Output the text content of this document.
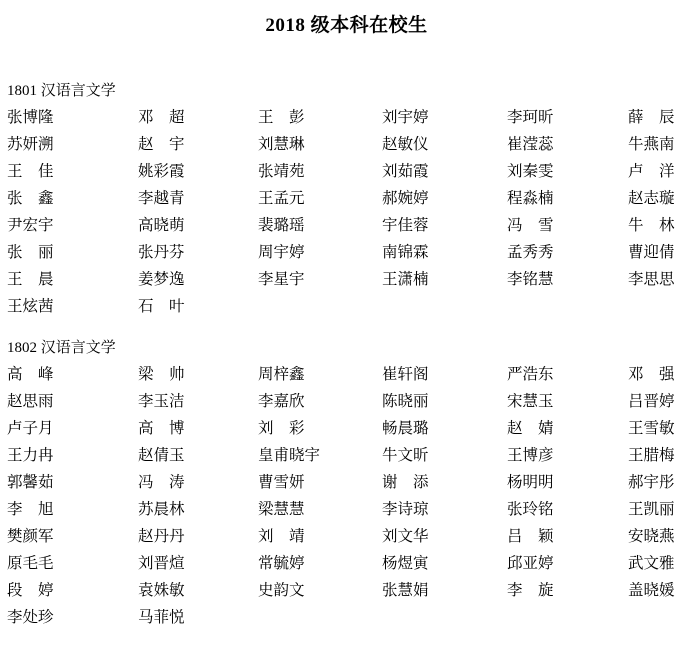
2018 级本科在校生
1801 汉语言文学
张博隆	邓　超	王　彭	刘宇婷	李珂昕	薛　辰
苏妍溯	赵　宇	刘慧琳	赵敏仪	崔滢蕊	牛燕南
王　佳	姚彩霞	张靖苑	刘茹霞	刘秦雯	卢　洋
张　鑫	李越青	王孟元	郝婉婷	程淼楠	赵志璇
尹宏宇	高晓萌	裴璐瑶	宇佳蓉	冯　雪	牛　林
张　丽	张丹芬	周宇婷	南锦霖	孟秀秀	曹迎倩
王　晨	姜梦逸	李星宇	王潇楠	李铭慧	李思思
王炫茜	石　叶
1802 汉语言文学
高　峰	梁　帅	周梓鑫	崔轩阁	严浩东	邓　强
赵思雨	李玉洁	李嘉欣	陈晓丽	宋慧玉	吕晋婷
卢子月	高　博	刘　彩	畅晨璐	赵　婧	王雪敏
王力冉	赵倩玉	皇甫晓宇	牛文昕	王博彦	王腊梅
郭馨茹	冯　涛	曹雪妍	谢　添	杨明明	郝宇彤
李　旭	苏晨林	梁慧慧	李诗琼	张玲铭	王凯丽
樊颜军	赵丹丹	刘　靖	刘文华	吕　颖	安晓燕
原毛毛	刘晋煊	常毓婷	杨煜寅	邱亚婷	武文雅
段　婷	袁姝敏	史韵文	张慧娟	李　旋	盖晓媛
李处珍	马菲悦
